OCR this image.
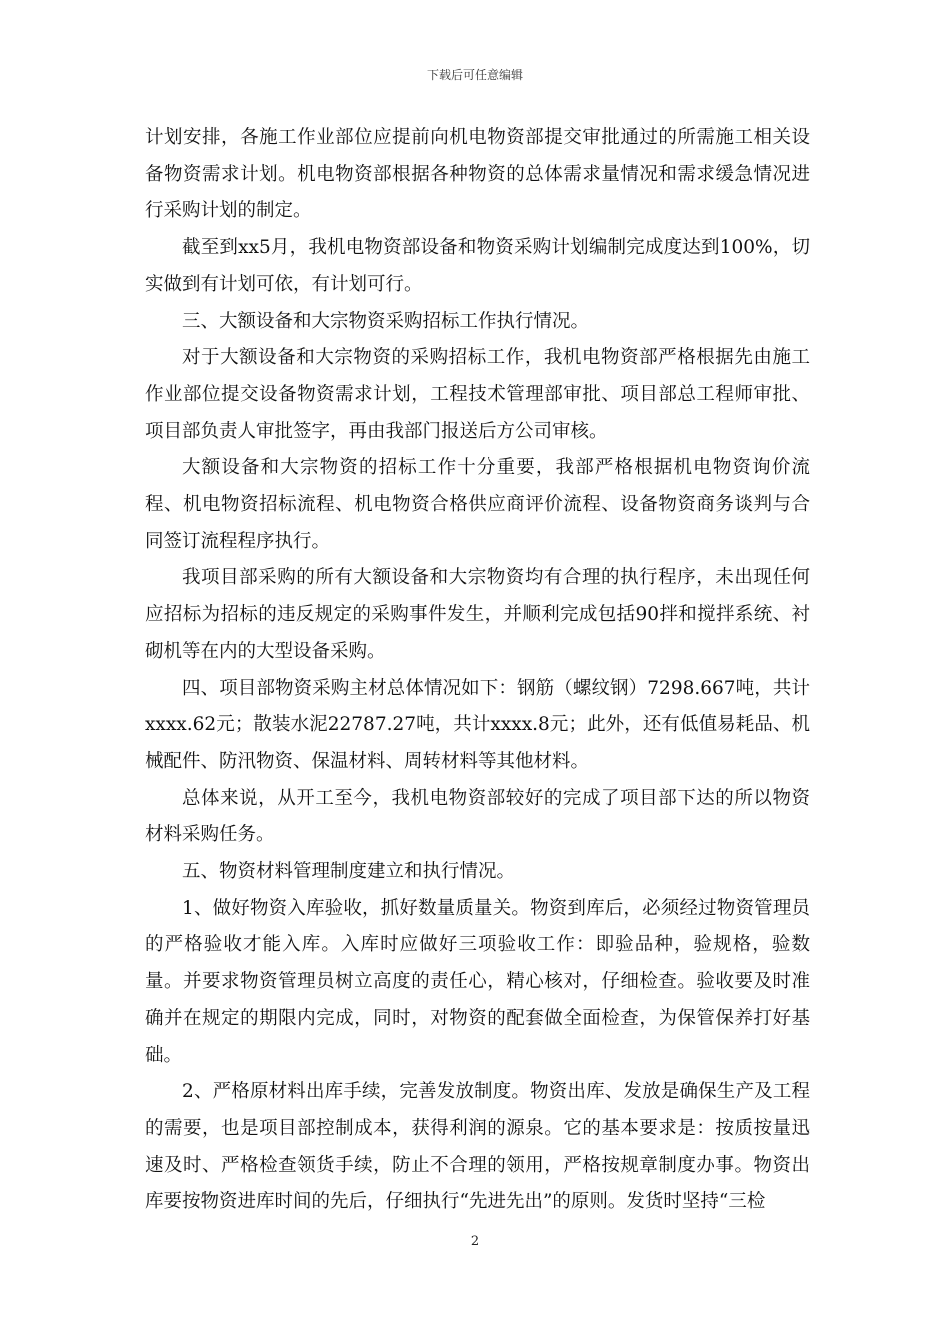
下载后可任意编辑

计划安排，各施工作业部位应提前向机电物资部提交审批通过的所需施工相关设备物资需求计划。机电物资部根据各种物资的总体需求量情况和需求缓急情况进行采购计划的制定。

截至到xx5月，我机电物资部设备和物资采购计划编制完成度达到100%，切实做到有计划可依，有计划可行。

三、大额设备和大宗物资采购招标工作执行情况。

对于大额设备和大宗物资的采购招标工作，我机电物资部严格根据先由施工作业部位提交设备物资需求计划，工程技术管理部审批、项目部总工程师审批、项目部负责人审批签字，再由我部门报送后方公司审核。

大额设备和大宗物资的招标工作十分重要，我部严格根据机电物资询价流程、机电物资招标流程、机电物资合格供应商评价流程、设备物资商务谈判与合同签订流程程序执行。

我项目部采购的所有大额设备和大宗物资均有合理的执行程序，未出现任何应招标为招标的违反规定的采购事件发生，并顺利完成包括90拌和搅拌系统、衬砌机等在内的大型设备采购。

四、项目部物资采购主材总体情况如下：钢筋（螺纹钢）7298.667吨，共计xxxx.62元；散装水泥22787.27吨，共计xxxx.8元；此外，还有低值易耗品、机械配件、防汛物资、保温材料、周转材料等其他材料。

总体来说，从开工至今，我机电物资部较好的完成了项目部下达的所以物资材料采购任务。

五、物资材料管理制度建立和执行情况。

1、做好物资入库验收，抓好数量质量关。物资到库后，必须经过物资管理员的严格验收才能入库。入库时应做好三项验收工作：即验品种，验规格，验数量。并要求物资管理员树立高度的责任心，精心核对，仔细检查。验收要及时准确并在规定的期限内完成，同时，对物资的配套做全面检查，为保管保养打好基础。

2、严格原材料出库手续，完善发放制度。物资出库、发放是确保生产及工程的需要，也是项目部控制成本，获得利润的源泉。它的基本要求是：按质按量迅速及时、严格检查领货手续，防止不合理的领用，严格按规章制度办事。物资出库要按物资进库时间的先后，仔细执行“先进先出”的原则。发货时坚持“三检

2
